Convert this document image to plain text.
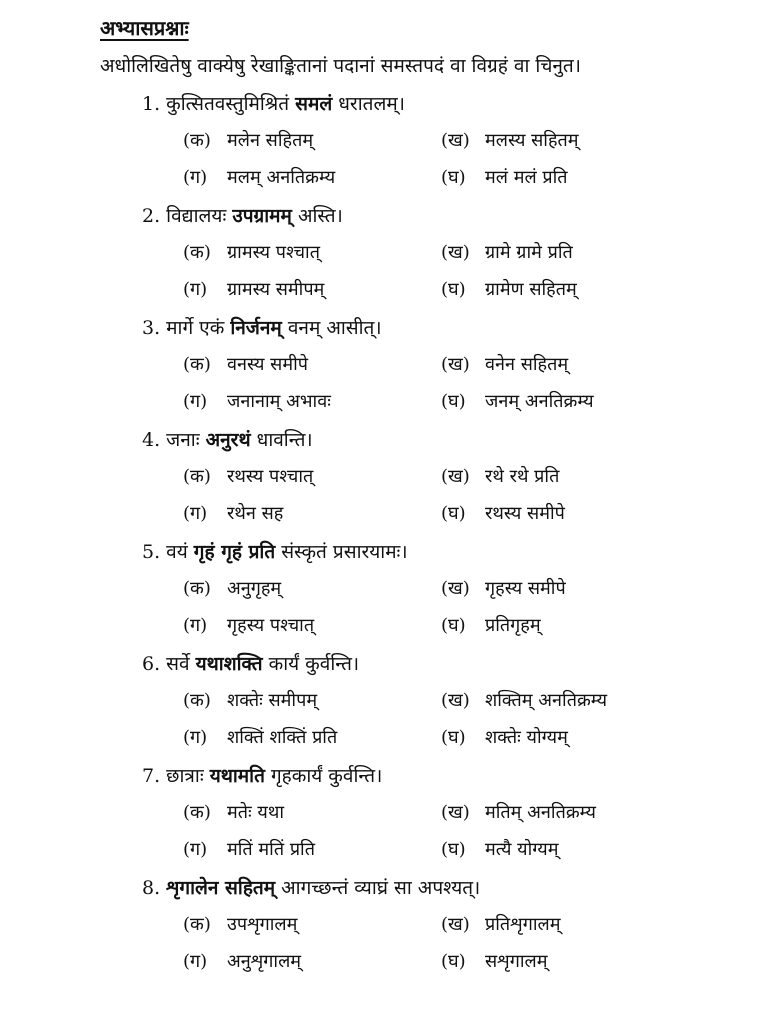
अभ्यासप्रश्नाः
अधोलिखितेषु वाक्येषु रेखाङ्कितानां पदानां समस्तपदं वा विग्रहं वा चिनुत।
1. कुत्सितवस्तुमिश्रितं समलं धरातलम्।
(क) मलेन सहितम्	(ख) मलस्य सहितम्
(ग) मलम् अनतिक्रम्य	(घ) मलं मलं प्रति
2. विद्यालयः उपग्रामम् अस्ति।
(क) ग्रामस्य पश्चात्	(ख) ग्रामे ग्रामे प्रति
(ग) ग्रामस्य समीपम्	(घ) ग्रामेण सहितम्
3. मार्गे एकं निर्जनम् वनम् आसीत्।
(क) वनस्य समीपे	(ख) वनेन सहितम्
(ग) जनानाम् अभावः	(घ) जनम् अनतिक्रम्य
4. जनाः अनुरथं धावन्ति।
(क) रथस्य पश्चात्	(ख) रथे रथे प्रति
(ग) रथेन सह	(घ) रथस्य समीपे
5. वयं गृहं गृहं प्रति संस्कृतं प्रसारयामः।
(क) अनुगृहम्	(ख) गृहस्य समीपे
(ग) गृहस्य पश्चात्	(घ) प्रतिगृहम्
6. सर्वे यथाशक्ति कार्यं कुर्वन्ति।
(क) शक्तेः समीपम्	(ख) शक्तिम् अनतिक्रम्य
(ग) शक्तिं शक्तिं प्रति	(घ) शक्तेः योग्यम्
7. छात्राः यथामति गृहकार्यं कुर्वन्ति।
(क) मतेः यथा	(ख) मतिम् अनतिक्रम्य
(ग) मतिं मतिं प्रति	(घ) मत्यै योग्यम्
8. शृगालेन सहितम् आगच्छन्तं व्याघ्रं सा अपश्यत्।
(क) उपशृगालम्	(ख) प्रतिशृगालम्
(ग) अनुशृगालम्	(घ) सशृगालम्
